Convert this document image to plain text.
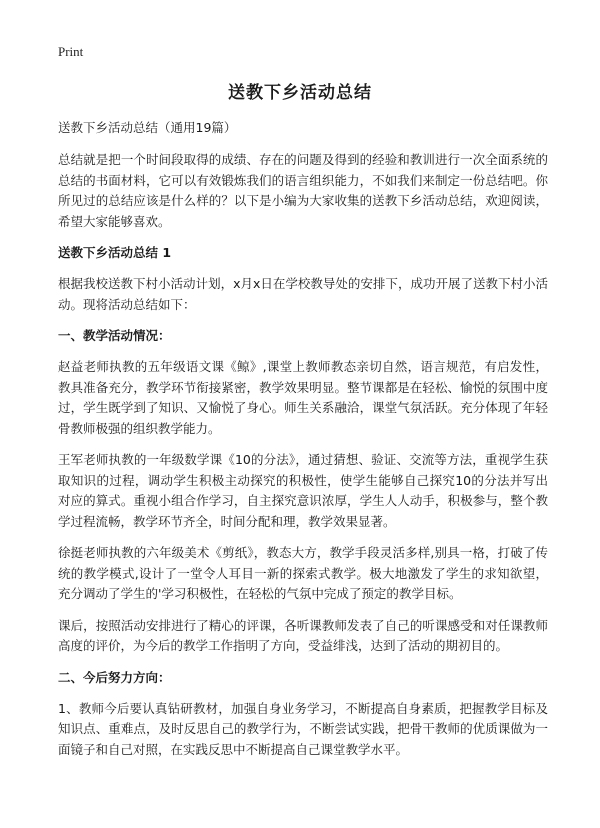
Print
送教下乡活动总结
送教下乡活动总结（通用19篇）

总结就是把一个时间段取得的成绩、存在的问题及得到的经验和教训进行一次全面系统的总结的书面材料，它可以有效锻炼我们的语言组织能力，不如我们来制定一份总结吧。你所见过的总结应该是什么样的？以下是小编为大家收集的送教下乡活动总结，欢迎阅读，希望大家能够喜欢。

送教下乡活动总结 1

根据我校送教下村小活动计划，x月x日在学校教导处的安排下，成功开展了送教下村小活动。现将活动总结如下：

一、教学活动情况：

赵益老师执教的五年级语文课《鲸》,课堂上教师教态亲切自然，语言规范，有启发性，教具准备充分，教学环节衔接紧密，教学效果明显。整节课都是在轻松、愉悦的氛围中度过，学生既学到了知识、又愉悦了身心。师生关系融洽，课堂气氛活跃。充分体现了年轻骨教师极强的组织教学能力。

王军老师执教的一年级数学课《10的分法》，通过猜想、验证、交流等方法，重视学生获取知识的过程，调动学生积极主动探究的积极性，使学生能够自己探究10的分法并写出对应的算式。重视小组合作学习，自主探究意识浓厚，学生人人动手，积极参与，整个教学过程流畅，教学环节齐全，时间分配和理，教学效果显著。

徐挺老师执教的六年级美术《剪纸》，教态大方，教学手段灵活多样,别具一格，打破了传统的教学模式,设计了一堂令人耳目一新的探索式教学。极大地激发了学生的求知欲望，充分调动了学生的'学习积极性，在轻松的气氛中完成了预定的教学目标。

课后，按照活动安排进行了精心的评课，各听课教师发表了自己的听课感受和对任课教师高度的评价，为今后的教学工作指明了方向，受益绯浅，达到了活动的期初目的。

二、今后努力方向：

1、教师今后要认真钻研教材，加强自身业务学习，不断提高自身素质，把握教学目标及知识点、重难点，及时反思自己的教学行为，不断尝试实践，把骨干教师的优质课做为一面镜子和自己对照，在实践反思中不断提高自己课堂教学水平。
